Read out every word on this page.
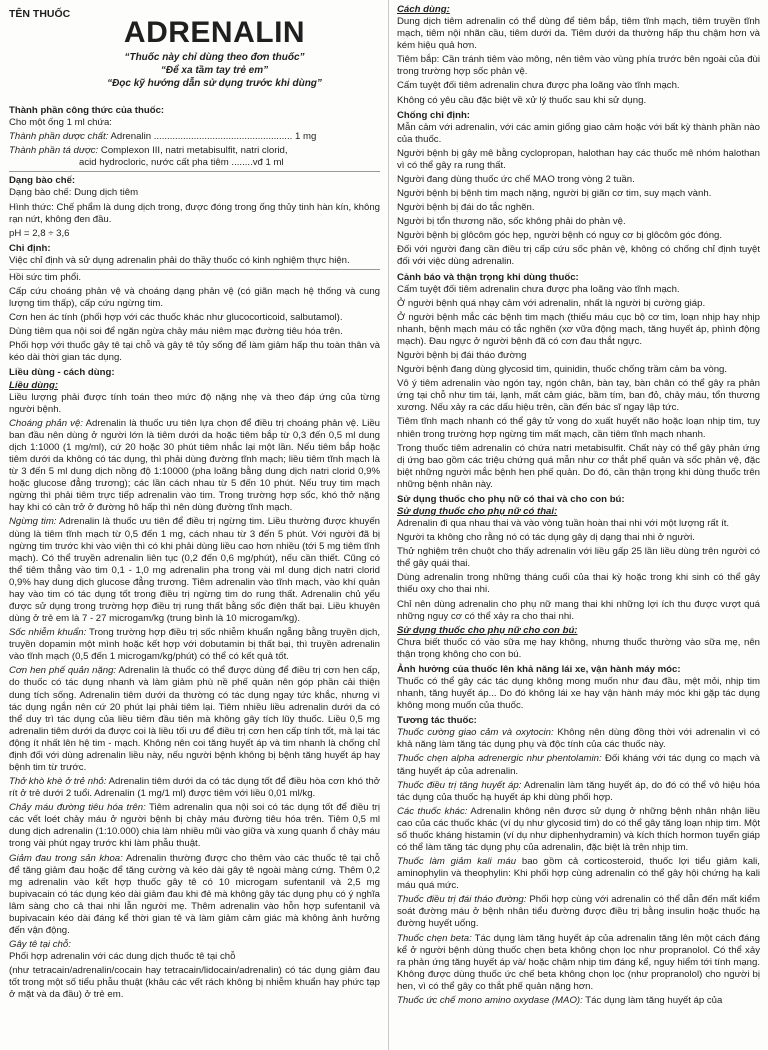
TÊN THUỐC
ADRENALIN
“Thuốc này chỉ dùng theo đơn thuốc”
“Để xa tầm tay trẻ em”
“Đọc kỹ hướng dẫn sử dụng trước khi dùng”
Thành phần công thức của thuốc:

Cho một ống 1 ml chứa:

Thành phần dược chất: Adrenalin .................................................... 1 mg

Thành phần tá dược: Complexon III, natri metabisulfit, natri clorid,

acid hydrocloric, nước cất pha tiêm ........vđ 1 ml

Dạng bào chế:

Dạng bào chế: Dung dịch tiêm

Hình thức: Chế phẩm là dung dịch trong, được đóng trong ống thủy tinh hàn kín, không rạn nứt, không đen đầu.

pH = 2,8 ÷ 3,6

Chỉ định:

Việc chỉ định và sử dụng adrenalin phải do thầy thuốc có kinh nghiệm thực hiện.

Hồi sức tim phổi.

Cấp cứu choáng phản vệ và choáng dạng phản vệ (có giãn mạch hệ thống và cung lượng tim thấp), cấp cứu ngừng tim.

Cơn hen ác tính (phối hợp với các thuốc khác như glucocorticoid, salbutamol).

Dùng tiêm qua nội soi để ngăn ngừa chảy máu niêm mạc đường tiêu hóa trên.

Phối hợp với thuốc gây tê tại chỗ và gây tê tủy sống để làm giảm hấp thu toàn thân và kéo dài thời gian tác dụng.

Liều dùng - cách dùng:
Liều dùng:

Liều lượng phải được tính toán theo mức độ nặng nhẹ và theo đáp ứng của từng người bệnh.

Choáng phản vệ: Adrenalin là thuốc ưu tiên lựa chọn để điều trị choáng phản vệ. Liều ban đầu nên dùng ở người lớn là tiêm dưới da hoặc tiêm bắp từ 0,3 đến 0,5 ml dung dịch 1:1000 (1 mg/ml), cứ 20 hoặc 30 phút tiêm nhắc lại một lần. Nếu tiêm bắp hoặc tiêm dưới da không có tác dụng, thì phải dùng đường tĩnh mạch; liều tiêm tĩnh mạch là từ 3 đến 5 ml dung dịch nồng độ 1:10000 (pha loãng bằng dung dịch natri clorid 0,9% hoặc glucose đẳng trương); các lần cách nhau từ 5 đến 10 phút. Nếu truy tim mạch ngừng thì phải tiêm trực tiếp adrenalin vào tim. Trong trường hợp sốc, khó thở nặng hay khi có cản trở ở đường hô hấp thì nên dùng đường tĩnh mạch.

Ngừng tim: Adrenalin là thuốc ưu tiên để điều trị ngừng tim. Liều thường được khuyến dùng là tiêm tĩnh mạch từ 0,5 đến 1 mg, cách nhau từ 3 đến 5 phút. Với người đã bị ngừng tim trước khi vào viện thì có khi phải dùng liều cao hơn nhiều (tới 5 mg tiêm tĩnh mạch). Có thể truyền adrenalin liên tục (0,2 đến 0,6 mg/phút), nếu cần thiết. Cũng có thể tiêm thẳng vào tim 0,1 - 1,0 mg adrenalin pha trong vài ml dung dịch natri clorid 0,9% hay dung dịch glucose đẳng trương. Tiêm adrenalin vào tĩnh mạch, vào khí quản hay vào tim có tác dụng tốt trong điều trị ngừng tim do rung thất. Adrenalin chủ yếu được sử dụng trong trường hợp điều trị rung thất bằng sốc điện thất bại. Liều khuyên dùng ở trẻ em là 7 - 27 microgam/kg (trung bình là 10 microgam/kg).

Sốc nhiễm khuẩn: Trong trường hợp điều trị sốc nhiễm khuẩn ngẵng bằng truyền dịch, truyền dopamin một mình hoặc kết hợp với dobutamin bị thất bại, thì truyền adrenalin vào tĩnh mạch (0,5 đến 1 microgam/kg/phút) có thể có kết quả tốt.

Cơn hen phế quản nặng: Adrenalin là thuốc có thể được dùng để điều trị cơn hen cấp, do thuốc có tác dụng nhanh và làm giảm phù nề phế quản nên góp phần cải thiện dung tích sống. Adrenalin tiêm dưới da thường có tác dụng ngay tức khắc, nhưng vì tác dụng ngắn nên cứ 20 phút lại phải tiêm lại. Tiêm nhiều liều adrenalin dưới da có thể duy trì tác dụng của liều tiêm đầu tiên mà không gây tích lũy thuốc. Liều 0,5 mg adrenalin tiêm dưới da được coi là liều tối ưu để điều trị cơn hen cấp tính tốt, mà lại tác động ít nhất lên hệ tim - mạch. Không nên coi tăng huyết áp và tim nhanh là chống chỉ định đối với dùng adrenalin liều này, nếu người bệnh không bị bệnh tăng huyết áp hay bệnh tim từ trước.

Thở khò khè ở trẻ nhỏ: Adrenalin tiêm dưới da có tác dụng tốt để điều hòa cơn khó thở rít ở trẻ dưới 2 tuổi. Adrenalin (1 mg/1 ml) được tiêm với liều 0,01 ml/kg.

Chảy máu đường tiêu hóa trên: Tiêm adrenalin qua nội soi có tác dụng tốt để điều trị các vết loét chảy máu ở người bệnh bị chảy máu đường tiêu hóa trên. Tiêm 0,5 ml dung dịch adrenalin (1:10.000) chia làm nhiều mũi vào giữa và xung quanh ổ chảy máu trong vài phút ngay trước khi làm phẫu thuật.

Giảm đau trong sản khoa: Adrenalin thường được cho thêm vào các thuốc tê tại chỗ để tăng giảm đau hoặc để tăng cường và kéo dài gây tê ngoài màng cứng. Thêm 0,2 mg adrenalin vào kết hợp thuốc gây tê có 10 microgam sufentanil và 2,5 mg bupivacain có tác dụng kéo dài giảm đau khi đẻ mà không gây tác dụng phụ có ý nghĩa lâm sàng cho cả thai nhi lẫn người mẹ. Thêm adrenalin vào hỗn hợp sufentanil và bupivacain kéo dài đáng kể thời gian tê và làm giảm cảm giác mà không ảnh hưởng đến vận động.

Gây tê tại chỗ:

Phối hợp adrenalin với các dung dịch thuốc tê tại chỗ

(như tetracain/adrenalin/cocain hay tetracain/lidocain/adrenalin) có tác dụng giảm đau tốt trong một số tiểu phẫu thuật (khâu các vết rách không bị nhiễm khuẩn hay phức tạp ở mặt và da đầu) ở trẻ em.

Cách dùng:

Dung dịch tiêm adrenalin có thể dùng để tiêm bắp, tiêm tĩnh mạch, tiêm truyền tĩnh mạch, tiêm nội nhãn cầu, tiêm dưới da. Tiêm dưới da thường hấp thu chậm hơn và kém hiệu quả hơn.

Tiêm bắp: Cần tránh tiêm vào mông, nên tiêm vào vùng phía trước bên ngoài của đùi trong trường hợp sốc phản vệ.

Cấm tuyệt đối tiêm adrenalin chưa được pha loãng vào tĩnh mạch.

Không có yêu cầu đặc biệt về xử lý thuốc sau khi sử dụng.

Chống chỉ định:

Mẫn cảm với adrenalin, với các amin giống giao cảm hoặc với bất kỳ thành phần nào của thuốc.

Người bệnh bị gây mê bằng cyclopropan, halothan hay các thuốc mê nhóm halothan vì có thể gây ra rung thất.

Người đang dùng thuốc ức chế MAO trong vòng 2 tuần.

Người bệnh bị bệnh tim mạch nặng, người bị giãn cơ tim, suy mạch vành.

Người bệnh bị đái do tắc nghẽn.

Người bị tổn thương não, sốc không phải do phản vệ.

Người bệnh bị glôcôm góc hẹp, người bệnh có nguy cơ bị glôcôm góc đóng.

Đối với người đang cần điều trị cấp cứu sốc phản vệ, không có chống chỉ định tuyệt đối với việc dùng adrenalin.

Cảnh báo và thận trọng khi dùng thuốc:

Cấm tuyệt đối tiêm adrenalin chưa được pha loãng vào tĩnh mạch.

Ở người bệnh quá nhạy cảm với adrenalin, nhất là người bị cường giáp.

Ở người bệnh mắc các bệnh tim mạch (thiếu máu cục bộ cơ tim, loạn nhịp hay nhịp nhanh, bệnh mạch máu có tắc nghẽn (xơ vữa động mạch, tăng huyết áp, phình động mạch). Đau ngực ở người bệnh đã có cơn đau thắt ngực.

Người bệnh bị đái tháo đường

Người bệnh đang dùng glycosid tim, quinidin, thuốc chống trầm cảm ba vòng.

Vô ý tiêm adrenalin vào ngón tay, ngón chân, bàn tay, bàn chân có thể gây ra phản ứng tại chỗ như tim tái, lạnh, mất cảm giác, bầm tím, ban đỏ, chảy máu, tổn thương xương. Nếu xảy ra các dấu hiệu trên, cần đến bác sĩ ngay lập tức.

Tiêm tĩnh mạch nhanh có thể gây tử vong do xuất huyết não hoặc loạn nhịp tim, tuy nhiên trong trường hợp ngừng tim mất mạch, cần tiêm tĩnh mạch nhanh.

Trong thuốc tiêm adrenalin có chứa natri metabisulfit. Chất này có thể gây phản ứng dị ứng bao gồm các triệu chứng quá mẫn như cơ thắt phế quản và sốc phản vệ, đặc biệt những người mắc bệnh hen phế quản. Do đó, cần thận trọng khi dùng thuốc trên những bệnh nhân này.

Sử dụng thuốc cho phụ nữ có thai và cho con bú:
Sử dụng thuốc cho phụ nữ có thai:

Adrenalin đi qua nhau thai và vào vòng tuần hoàn thai nhi với một lượng rất ít.

Người ta không cho rằng nó có tác dụng gây dị dạng thai nhi ở người.

Thử nghiệm trên chuột cho thấy adrenalin với liều gấp 25 lần liều dùng trên người có thể gây quái thai.

Dùng adrenalin trong những tháng cuối của thai kỳ hoặc trong khi sinh có thể gây thiếu oxy cho thai nhi.

Chỉ nên dùng adrenalin cho phụ nữ mang thai khi những lợi ích thu được vượt quá những nguy cơ có thể xảy ra cho thai nhi.

Sử dụng thuốc cho phụ nữ cho con bú:

Chưa biết thuốc có vào sữa mẹ hay không, nhưng thuốc thường vào sữa mẹ, nên thận trọng không cho con bú.

Ảnh hưởng của thuốc lên khả năng lái xe, vận hành máy móc:

Thuốc có thể gây các tác dụng không mong muốn như đau đầu, mệt mỏi, nhịp tim nhanh, tăng huyết áp... Do đó không lái xe hay vận hành máy móc khi gặp tác dụng không mong muốn của thuốc.

Tương tác thuốc:

Thuốc cường giao cảm và oxytocin: Không nên dùng đồng thời với adrenalin vì có khả năng làm tăng tác dụng phụ và độc tính của các thuốc này.

Thuốc chẹn alpha adrenergic như phentolamin: Đối kháng với tác dụng co mạch và tăng huyết áp của adrenalin.

Thuốc điều trị tăng huyết áp: Adrenalin làm tăng huyết áp, do đó có thể vô hiệu hóa tác dụng của thuốc hạ huyết áp khi dùng phối hợp.

Các thuốc khác: Adrenalin không nên được sử dụng ở những bệnh nhân nhận liều cao của các thuốc khác (ví dụ như glycosid tim) do có thể gây tăng loạn nhịp tim. Một số thuốc kháng histamin (ví dụ như diphenhydramin) và kích thích hormon tuyến giáp có thể làm tăng tác dụng phụ của adrenalin, đặc biệt là trên nhịp tim.

Thuốc làm giảm kali máu bao gồm cả corticosteroid, thuốc lợi tiểu giảm kali, aminophylin và theophylin: Khi phối hợp cùng adrenalin có thể gây hội chứng hạ kali máu quá mức.

Thuốc điều trị đái tháo đường: Phối hợp cùng với adrenalin có thể dẫn đến mất kiểm soát đường máu ở bệnh nhân tiểu đường được điều trị bằng insulin hoặc thuốc hạ đường huyết uống.

Thuốc chẹn beta: Tác dụng làm tăng huyết áp của adrenalin tăng lên một cách đáng kể ở người bệnh dùng thuốc chẹn beta không chọn lọc như propranolol. Có thể xảy ra phản ứng tăng huyết áp và/ hoặc chậm nhịp tim đáng kể, nguy hiểm tới tính mạng. Không được dùng thuốc ức chế beta không chọn lọc (như propranolol) cho người bị hen, vì có thể gây co thắt phế quản nặng hơn.

Thuốc ức chế mono amino oxydase (MAO): Tác dụng làm tăng huyết áp của
